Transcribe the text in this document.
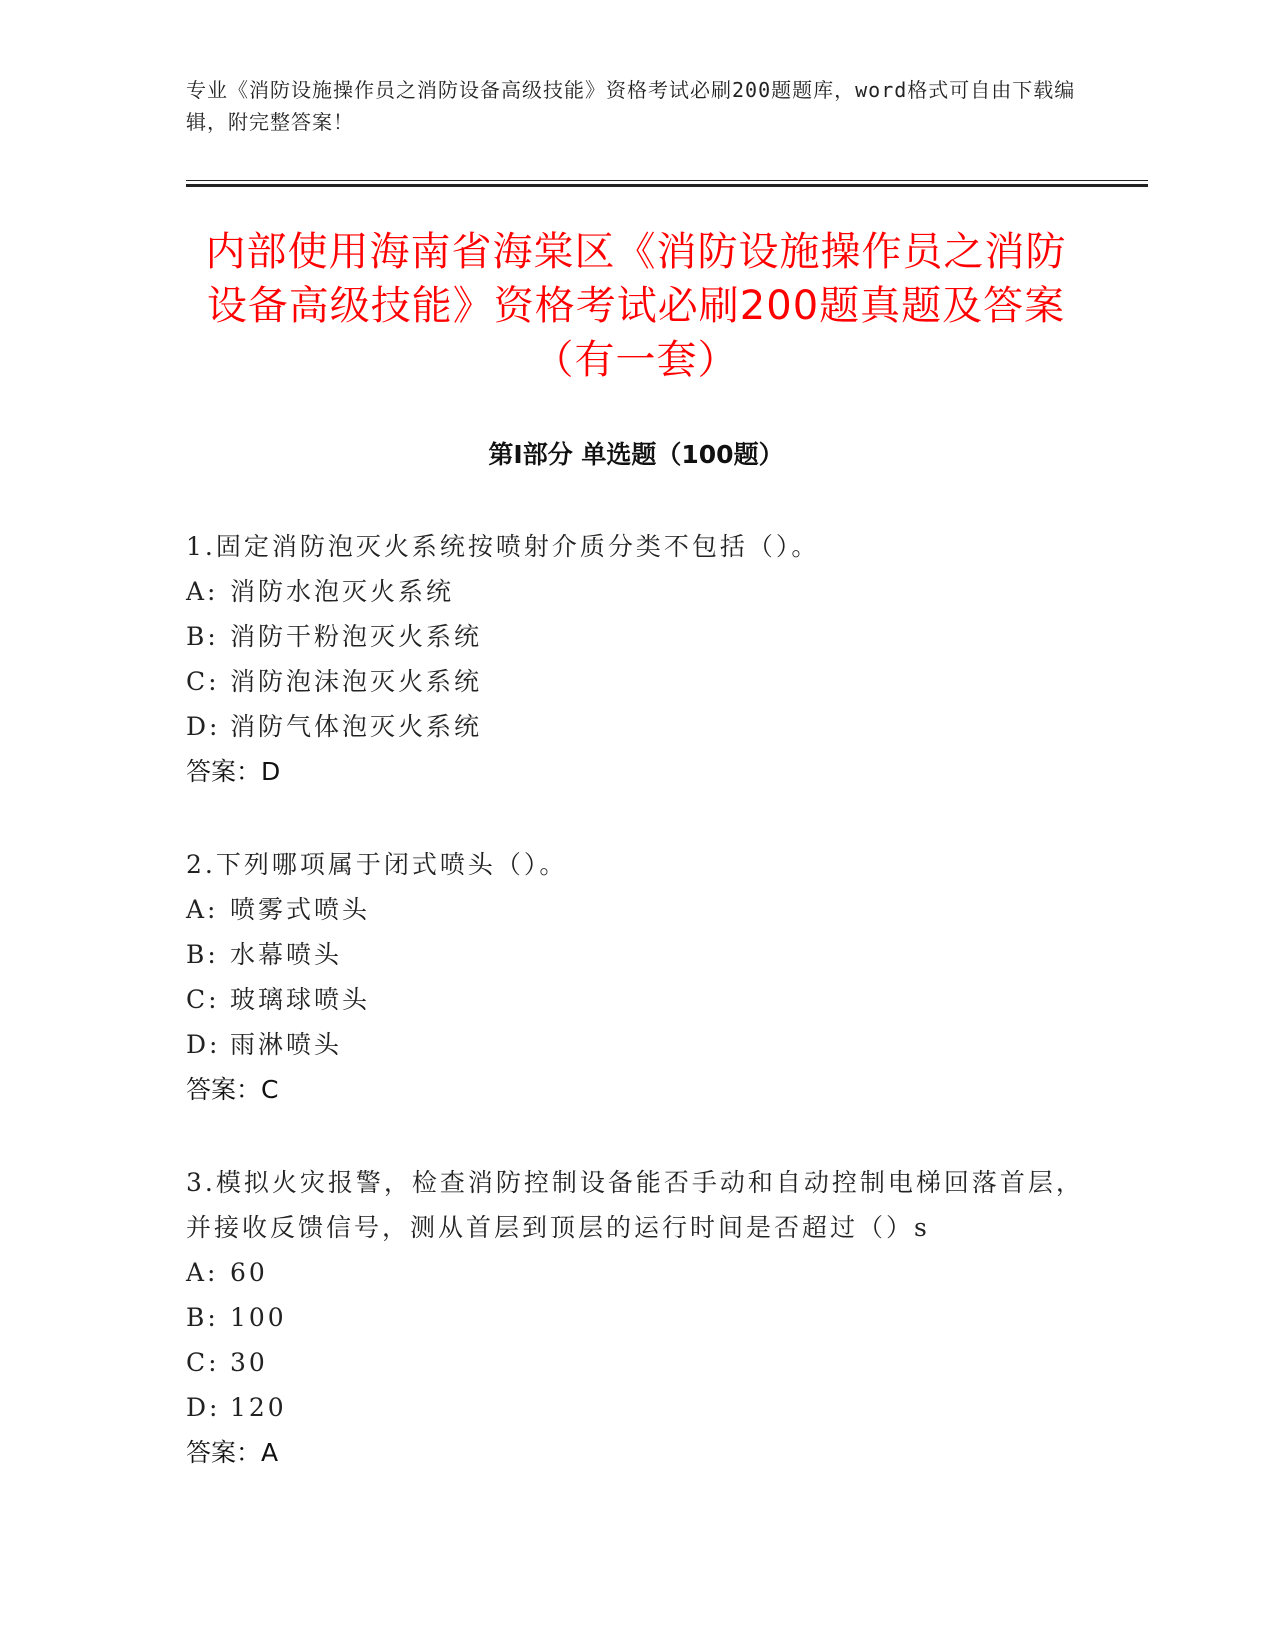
专业《消防设施操作员之消防设备高级技能》资格考试必刷200题题库，word格式可自由下载编辑，附完整答案！
内部使用海南省海棠区《消防设施操作员之消防设备高级技能》资格考试必刷200题真题及答案（有一套）
第Ⅰ部分 单选题（100题）
1.固定消防泡灭火系统按喷射介质分类不包括（）。
A: 消防水泡灭火系统
B: 消防干粉泡灭火系统
C: 消防泡沫泡灭火系统
D: 消防气体泡灭火系统
答案：D
2.下列哪项属于闭式喷头（）。
A: 喷雾式喷头
B: 水幕喷头
C: 玻璃球喷头
D: 雨淋喷头
答案：C
3.模拟火灾报警，检查消防控制设备能否手动和自动控制电梯回落首层，并接收反馈信号，测从首层到顶层的运行时间是否超过（）s
A: 60
B: 100
C: 30
D: 120
答案：A
